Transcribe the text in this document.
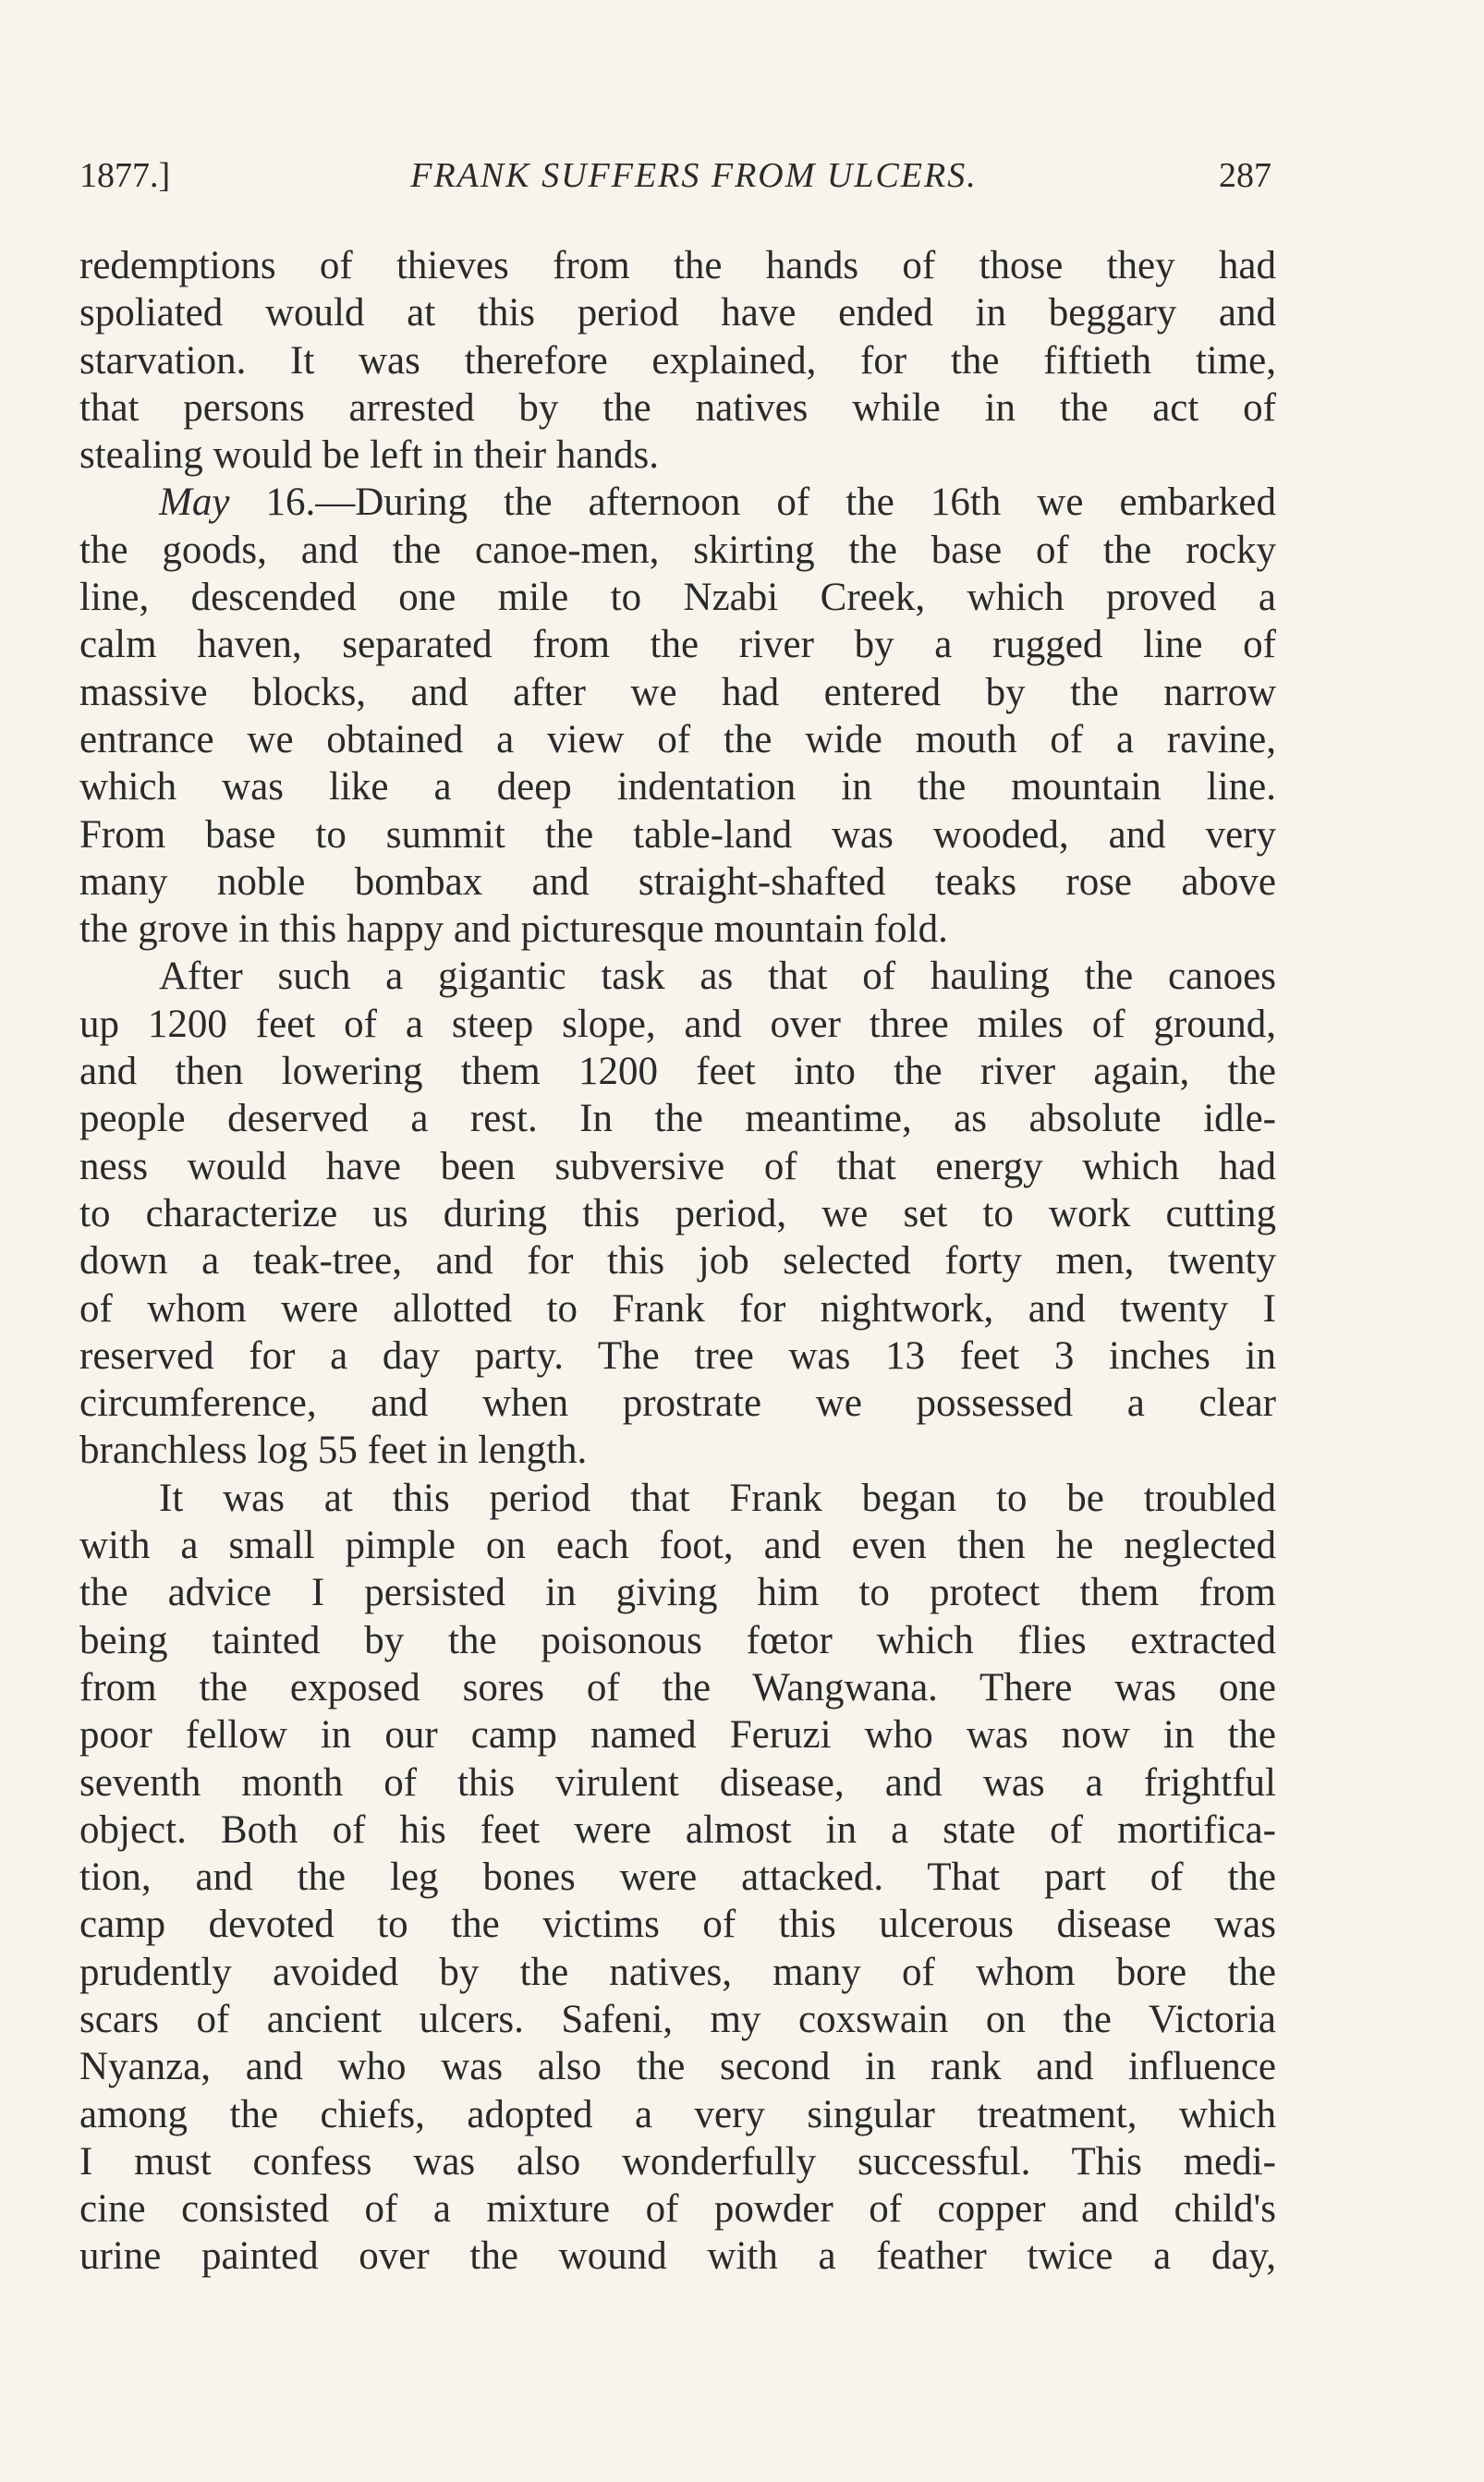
1877.]	FRANK SUFFERS FROM ULCERS.	287
redemptions of thieves from the hands of those they had
spoliated would at this period have ended in beggary and
starvation. It was therefore explained, for the fiftieth time,
that persons arrested by the natives while in the act of
stealing would be left in their hands.
May 16.—During the afternoon of the 16th we embarked
the goods, and the canoe-men, skirting the base of the rocky
line, descended one mile to Nzabi Creek, which proved a
calm haven, separated from the river by a rugged line of
massive blocks, and after we had entered by the narrow
entrance we obtained a view of the wide mouth of a ravine,
which was like a deep indentation in the mountain line.
From base to summit the table-land was wooded, and very
many noble bombax and straight-shafted teaks rose above
the grove in this happy and picturesque mountain fold.
After such a gigantic task as that of hauling the canoes
up 1200 feet of a steep slope, and over three miles of ground,
and then lowering them 1200 feet into the river again, the
people deserved a rest. In the meantime, as absolute idle-
ness would have been subversive of that energy which had
to characterize us during this period, we set to work cutting
down a teak-tree, and for this job selected forty men, twenty
of whom were allotted to Frank for nightwork, and twenty I
reserved for a day party. The tree was 13 feet 3 inches in
circumference, and when prostrate we possessed a clear
branchless log 55 feet in length.
It was at this period that Frank began to be troubled
with a small pimple on each foot, and even then he neglected
the advice I persisted in giving him to protect them from
being tainted by the poisonous fœtor which flies extracted
from the exposed sores of the Wangwana. There was one
poor fellow in our camp named Feruzi who was now in the
seventh month of this virulent disease, and was a frightful
object. Both of his feet were almost in a state of mortifica-
tion, and the leg bones were attacked. That part of the
camp devoted to the victims of this ulcerous disease was
prudently avoided by the natives, many of whom bore the
scars of ancient ulcers. Safeni, my coxswain on the Victoria
Nyanza, and who was also the second in rank and influence
among the chiefs, adopted a very singular treatment, which
I must confess was also wonderfully successful. This medi-
cine consisted of a mixture of powder of copper and child's
urine painted over the wound with a feather twice a day,
